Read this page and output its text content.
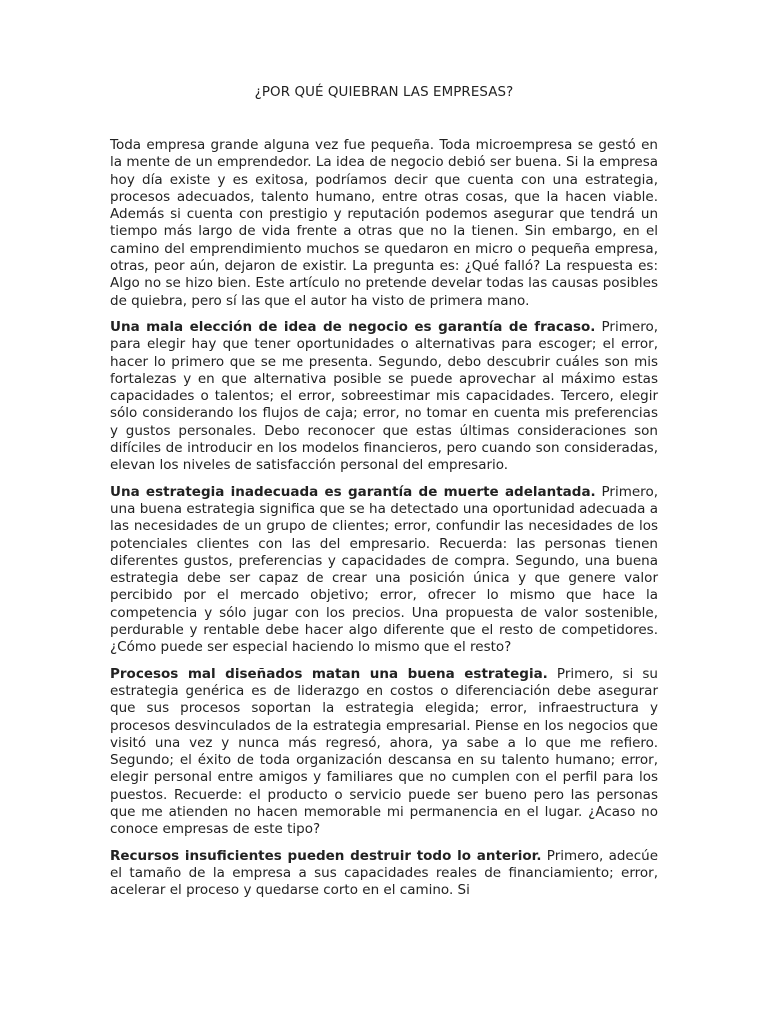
¿POR QUÉ QUIEBRAN LAS EMPRESAS?

Toda empresa grande alguna vez fue pequeña. Toda microempresa se gestó en la mente de un emprendedor. La idea de negocio debió ser buena. Si la empresa hoy día existe y es exitosa, podríamos decir que cuenta con una estrategia, procesos adecuados, talento humano, entre otras cosas, que la hacen viable. Además si cuenta con prestigio y reputación podemos asegurar que tendrá un tiempo más largo de vida frente a otras que no la tienen. Sin embargo, en el camino del emprendimiento muchos se quedaron en micro o pequeña empresa, otras, peor aún, dejaron de existir. La pregunta es: ¿Qué falló? La respuesta es: Algo no se hizo bien. Este artículo no pretende develar todas las causas posibles de quiebra, pero sí las que el autor ha visto de primera mano.

Una mala elección de idea de negocio es garantía de fracaso. Primero, para elegir hay que tener oportunidades o alternativas para escoger; el error, hacer lo primero que se me presenta. Segundo, debo descubrir cuáles son mis fortalezas y en que alternativa posible se puede aprovechar al máximo estas capacidades o talentos; el error, sobreestimar mis capacidades. Tercero, elegir sólo considerando los flujos de caja; error, no tomar en cuenta mis preferencias y gustos personales. Debo reconocer que estas últimas consideraciones son difíciles de introducir en los modelos financieros, pero cuando son consideradas, elevan los niveles de satisfacción personal del empresario.

Una estrategia inadecuada es garantía de muerte adelantada. Primero, una buena estrategia significa que se ha detectado una oportunidad adecuada a las necesidades de un grupo de clientes; error, confundir las necesidades de los potenciales clientes con las del empresario. Recuerda: las personas tienen diferentes gustos, preferencias y capacidades de compra. Segundo, una buena estrategia debe ser capaz de crear una posición única y que genere valor percibido por el mercado objetivo; error, ofrecer lo mismo que hace la competencia y sólo jugar con los precios. Una propuesta de valor sostenible, perdurable y rentable debe hacer algo diferente que el resto de competidores. ¿Cómo puede ser especial haciendo lo mismo que el resto?

Procesos mal diseñados matan una buena estrategia. Primero, si su estrategia genérica es de liderazgo en costos o diferenciación debe asegurar que sus procesos soportan la estrategia elegida; error, infraestructura y procesos desvinculados de la estrategia empresarial. Piense en los negocios que visitó una vez y nunca más regresó, ahora, ya sabe a lo que me refiero. Segundo; el éxito de toda organización descansa en su talento humano; error, elegir personal entre amigos y familiares que no cumplen con el perfil para los puestos. Recuerde: el producto o servicio puede ser bueno pero las personas que me atienden no hacen memorable mi permanencia en el lugar. ¿Acaso no conoce empresas de este tipo?

Recursos insuficientes pueden destruir todo lo anterior. Primero, adecúe el tamaño de la empresa a sus capacidades reales de financiamiento; error, acelerar el proceso y quedarse corto en el camino. Si
